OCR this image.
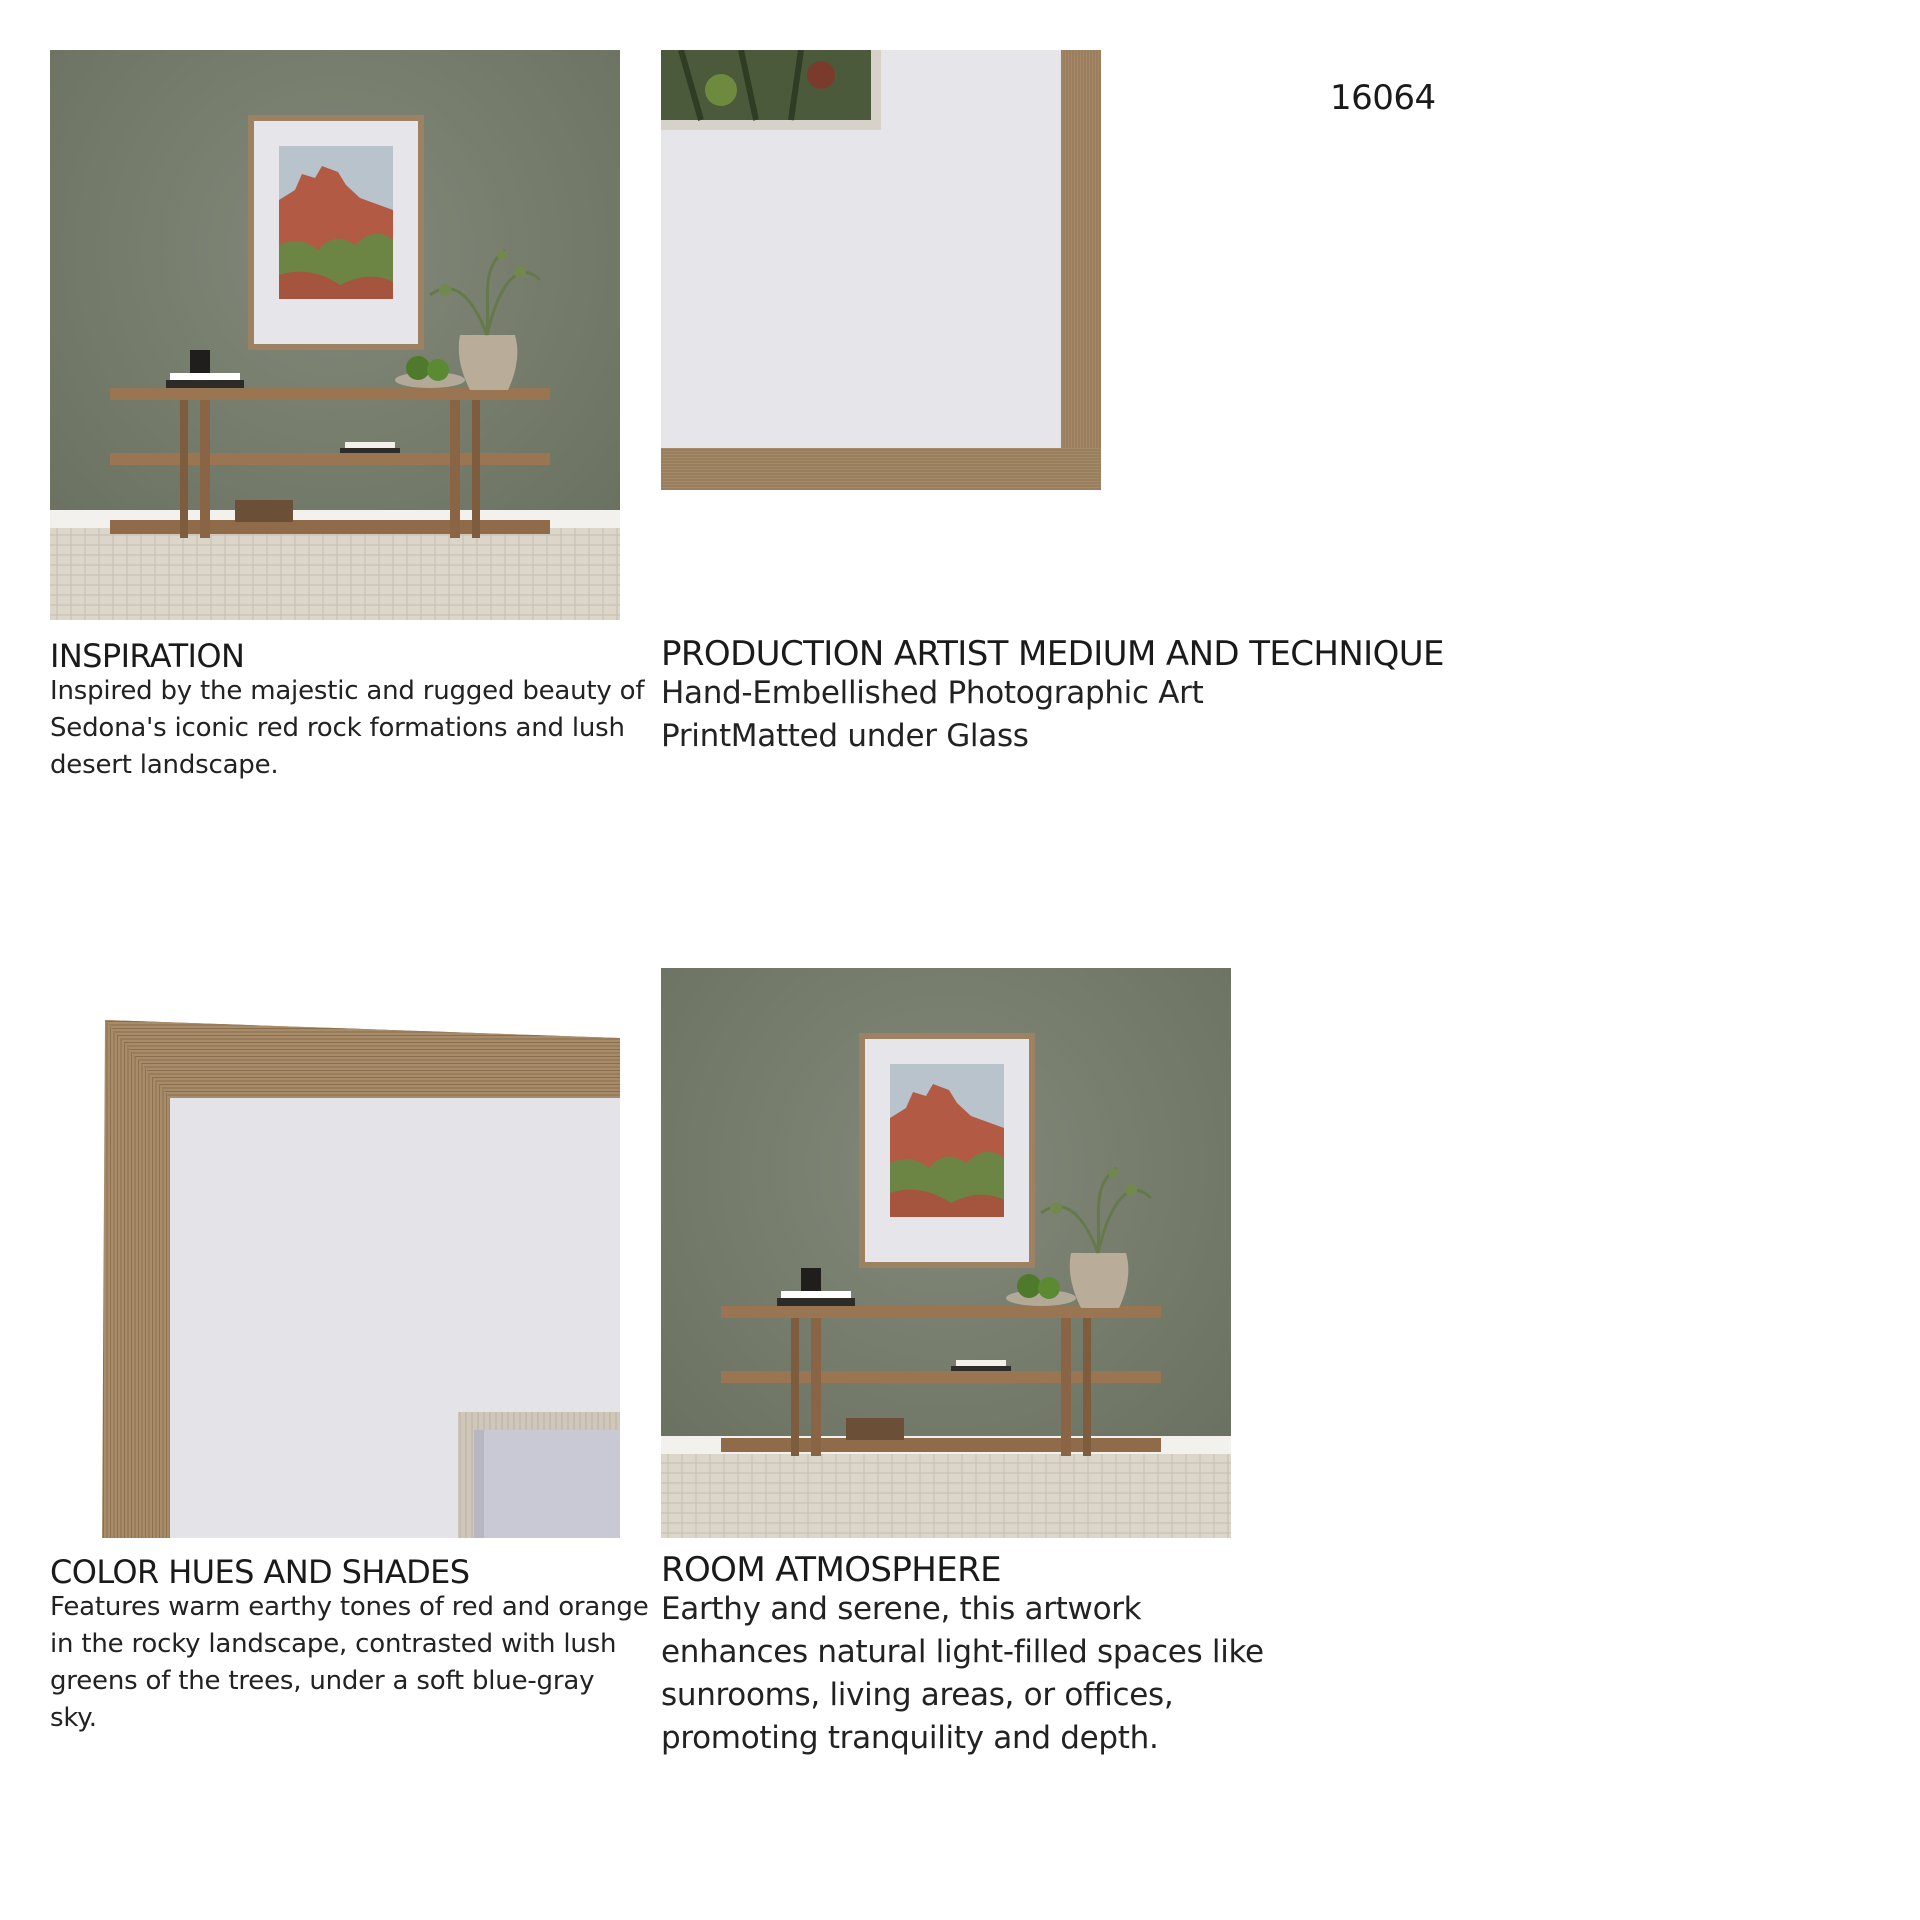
16064
INSPIRATION
Inspired by the majestic and rugged beauty of
Sedona's iconic red rock formations and lush
desert landscape.
PRODUCTION ARTIST MEDIUM AND TECHNIQUE
Hand-Embellished Photographic Art
PrintMatted under Glass
COLOR HUES AND SHADES
Features warm earthy tones of red and orange
in the rocky landscape, contrasted with lush
greens of the trees, under a soft blue-gray
sky.
ROOM ATMOSPHERE
Earthy and serene, this artwork
enhances natural light-filled spaces like
sunrooms, living areas, or offices,
promoting tranquility and depth.
